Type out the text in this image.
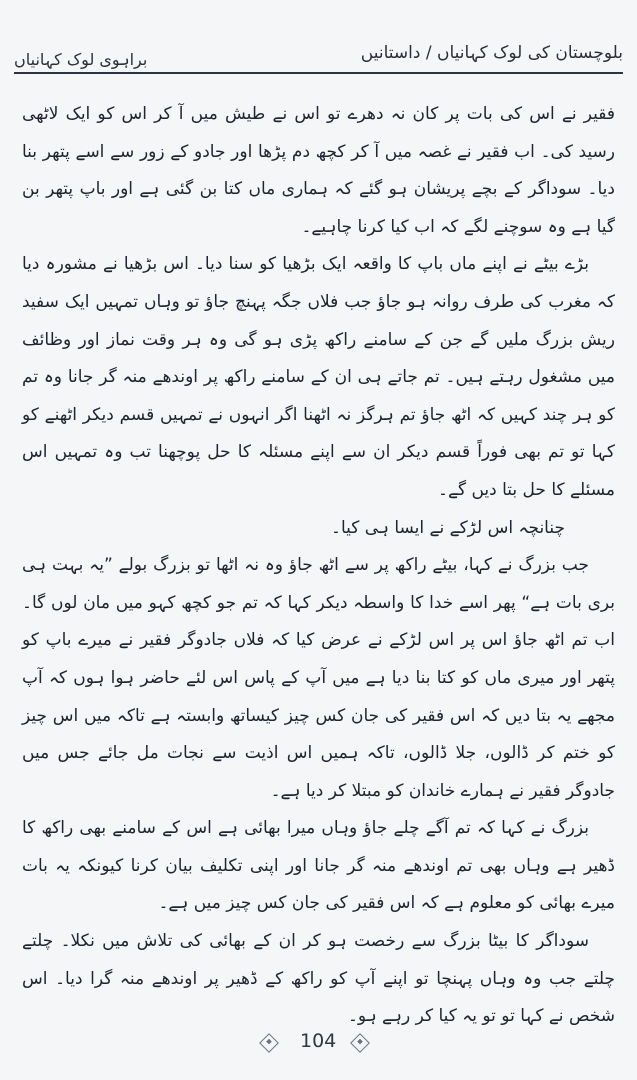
بلوچستان کی لوک کہانیاں / داستانیں
براہوی لوک کہانیاں

فقیر نے اس کی بات پر کان نہ دھرے تو اس نے طیش میں آ کر اس کو ایک لاٹھی رسید کی۔ اب فقیر نے غصہ میں آ کر کچھ دم پڑھا اور جادو کے زور سے اسے پتھر بنا دیا۔ سوداگر کے بچے پریشان ہو گئے کہ ہماری ماں کتا بن گئی ہے اور باپ پتھر بن گیا ہے وہ سوچنے لگے کہ اب کیا کرنا چاہیے۔

بڑے بیٹے نے اپنے ماں باپ کا واقعہ ایک بڑھیا کو سنا دیا۔ اس بڑھیا نے مشورہ دیا کہ مغرب کی طرف روانہ ہو جاؤ جب فلاں جگہ پہنچ جاؤ تو وہاں تمہیں ایک سفید ریش بزرگ ملیں گے جن کے سامنے راکھ پڑی ہو گی وہ ہر وقت نماز اور وظائف میں مشغول رہتے ہیں۔ تم جاتے ہی ان کے سامنے راکھ پر اوندھے منہ گر جانا وہ تم کو ہر چند کہیں کہ اٹھ جاؤ تم ہرگز نہ اٹھنا اگر انہوں نے تمہیں قسم دیکر اٹھنے کو کہا تو تم بھی فوراً قسم دیکر ان سے اپنے مسئلہ کا حل پوچھنا تب وہ تمہیں اس مسئلے کا حل بتا دیں گے۔

چنانچہ اس لڑکے نے ایسا ہی کیا۔

جب بزرگ نے کہا، بیٹے راکھ پر سے اٹھ جاؤ وہ نہ اٹھا تو بزرگ بولے ”یہ بہت ہی بری بات ہے“ پھر اسے خدا کا واسطہ دیکر کہا کہ تم جو کچھ کہو میں مان لوں گا۔ اب تم اٹھ جاؤ اس پر اس لڑکے نے عرض کیا کہ فلاں جادوگر فقیر نے میرے باپ کو پتھر اور میری ماں کو کتا بنا دیا ہے میں آپ کے پاس اس لئے حاضر ہوا ہوں کہ آپ مجھے یہ بتا دیں کہ اس فقیر کی جان کس چیز کیساتھ وابستہ ہے تاکہ میں اس چیز کو ختم کر ڈالوں، جلا ڈالوں، تاکہ ہمیں اس اذیت سے نجات مل جائے جس میں جادوگر فقیر نے ہمارے خاندان کو مبتلا کر دیا ہے۔

بزرگ نے کہا کہ تم آگے چلے جاؤ وہاں میرا بھائی ہے اس کے سامنے بھی راکھ کا ڈھیر ہے وہاں بھی تم اوندھے منہ گر جانا اور اپنی تکلیف بیان کرنا کیونکہ یہ بات میرے بھائی کو معلوم ہے کہ اس فقیر کی جان کس چیز میں ہے۔

سوداگر کا بیٹا بزرگ سے رخصت ہو کر ان کے بھائی کی تلاش میں نکلا۔ چلتے چلتے جب وہ وہاں پہنچا تو اپنے آپ کو راکھ کے ڈھیر پر اوندھے منہ گرا دیا۔ اس شخص نے کہا تو تو یہ کیا کر رہے ہو۔

104
